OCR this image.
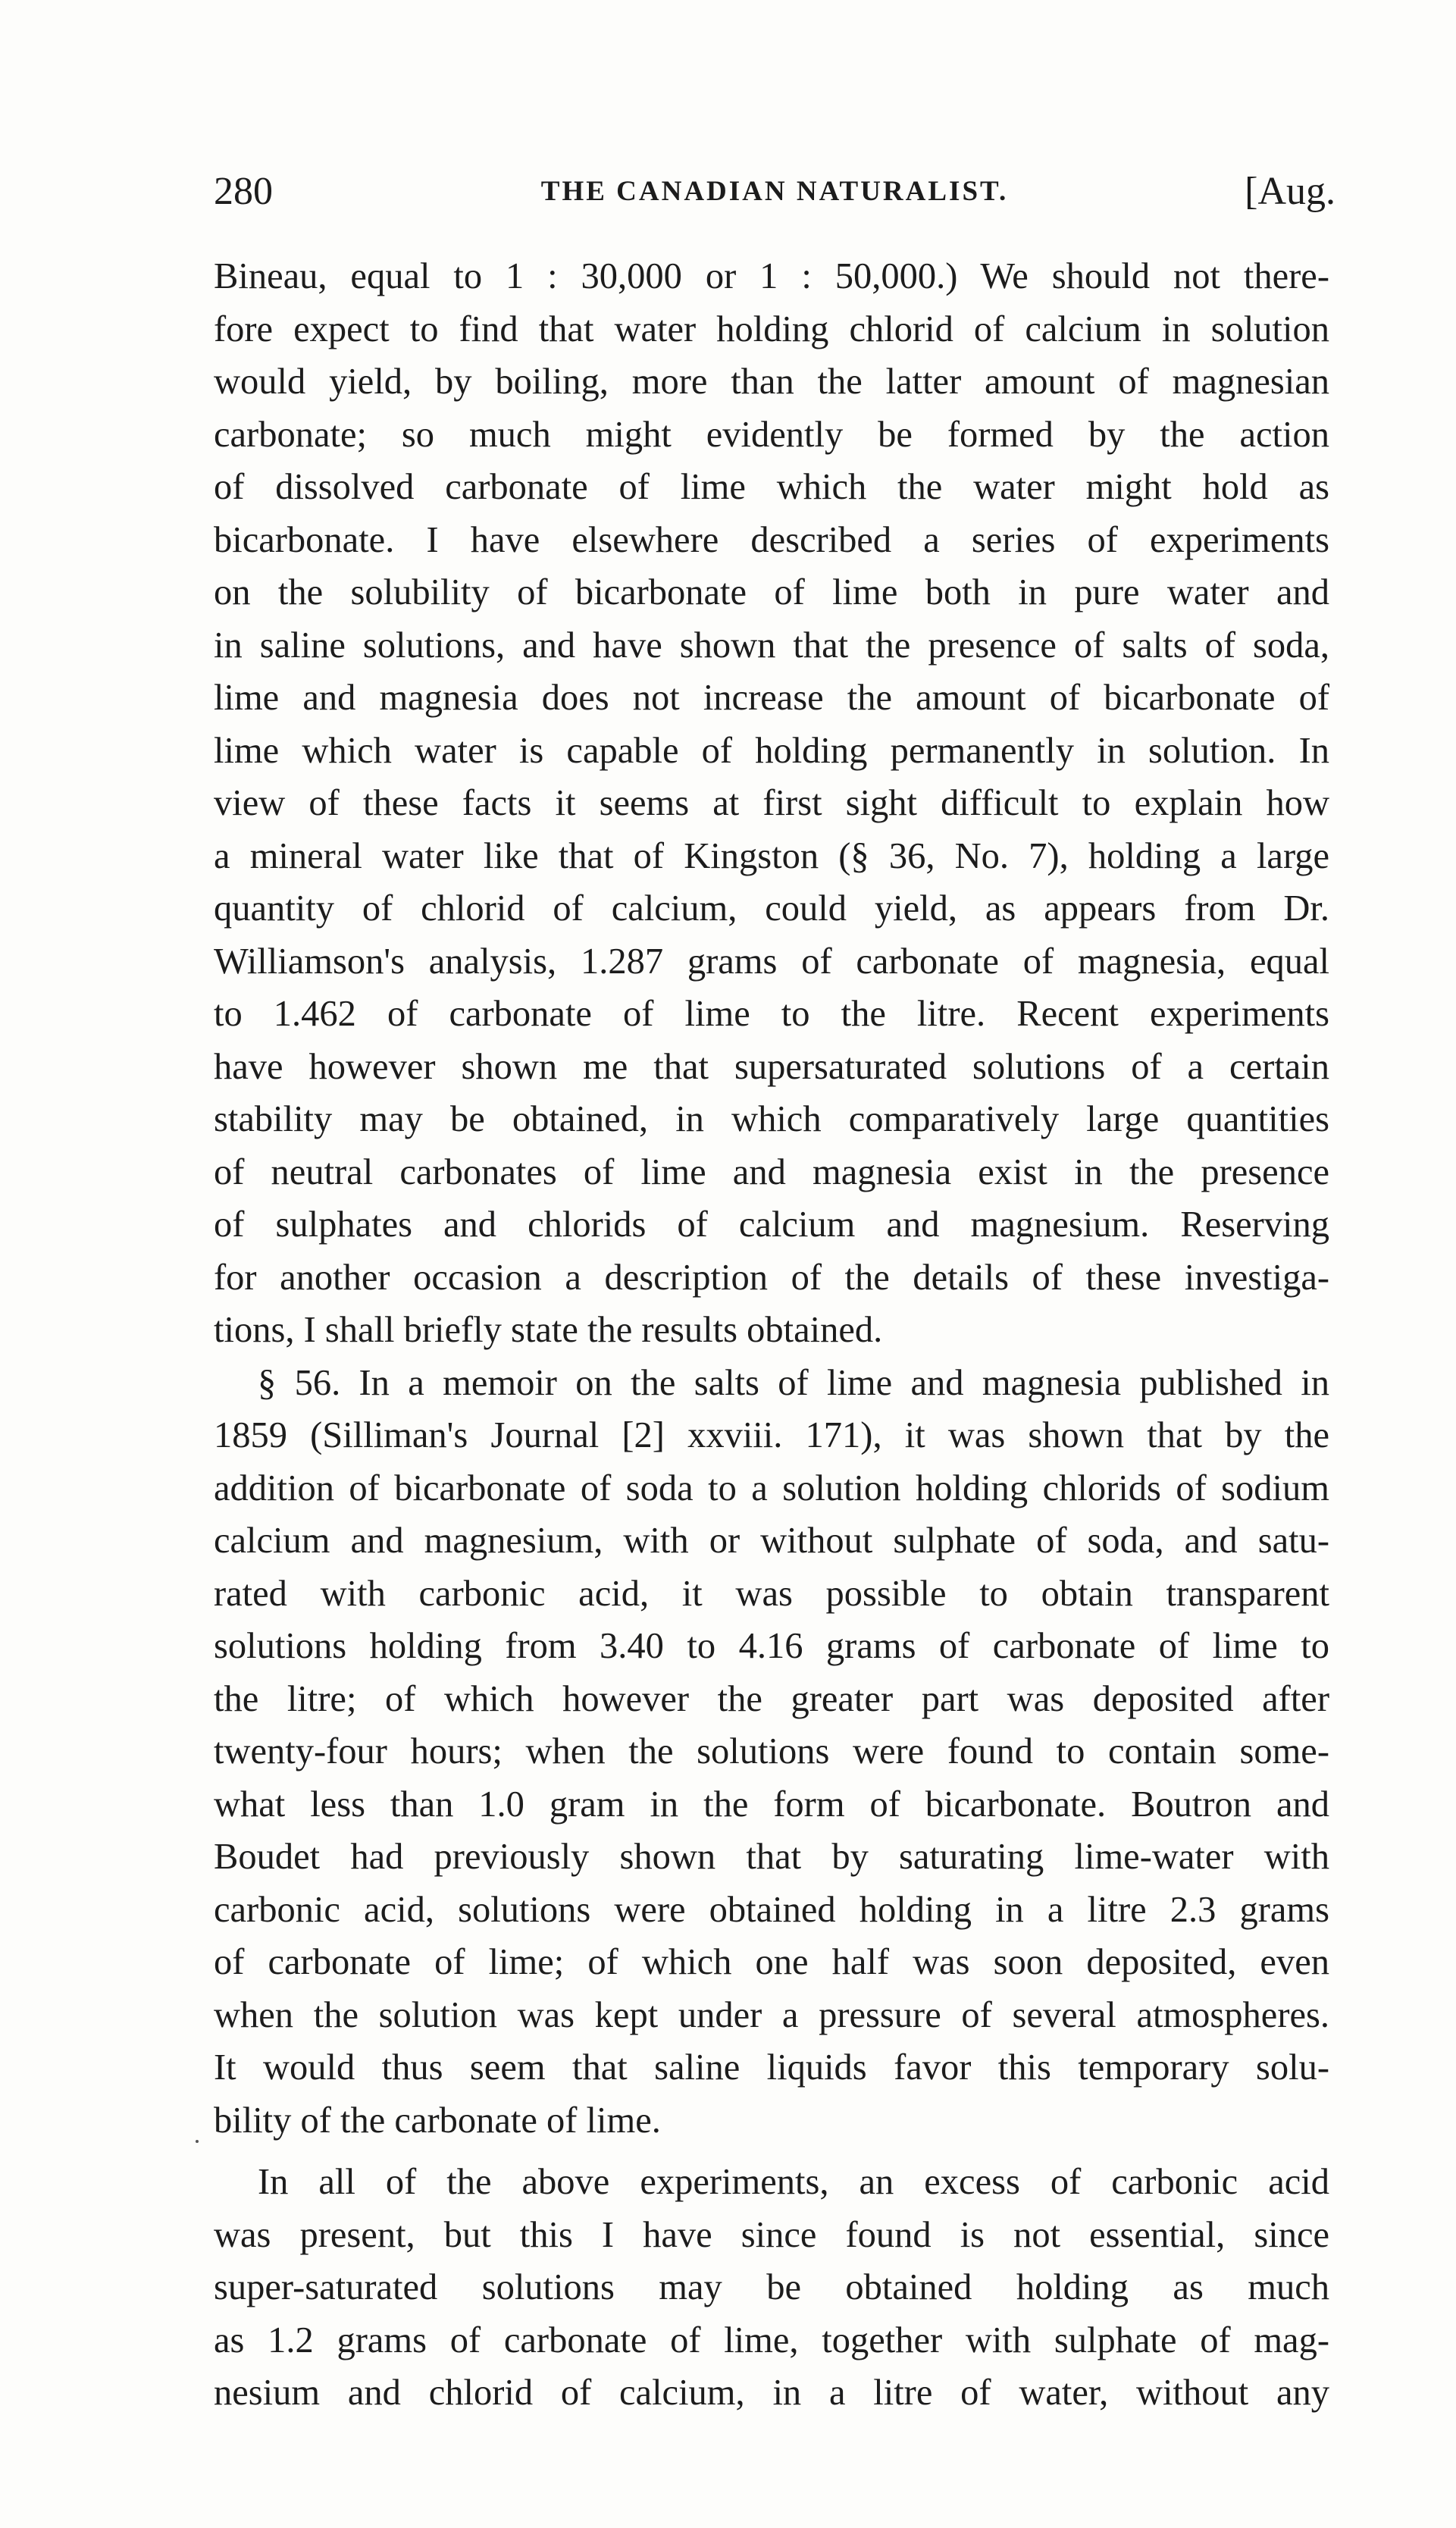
280	THE CANADIAN NATURALIST.	[Aug.
Bineau, equal to 1 : 30,000 or 1 : 50,000.) We should not there-
fore expect to find that water holding chlorid of calcium in solution
would yield, by boiling, more than the latter amount of magnesian
carbonate; so much might evidently be formed by the action
of dissolved carbonate of lime which the water might hold as
bicarbonate. I have elsewhere described a series of experiments
on the solubility of bicarbonate of lime both in pure water and
in saline solutions, and have shown that the presence of salts of soda,
lime and magnesia does not increase the amount of bicarbonate of
lime which water is capable of holding permanently in solution. In
view of these facts it seems at first sight difficult to explain how
a mineral water like that of Kingston (§ 36, No. 7), holding a large
quantity of chlorid of calcium, could yield, as appears from Dr.
Williamson's analysis, 1.287 grams of carbonate of magnesia, equal
to 1.462 of carbonate of lime to the litre. Recent experiments
have however shown me that supersaturated solutions of a certain
stability may be obtained, in which comparatively large quantities
of neutral carbonates of lime and magnesia exist in the presence
of sulphates and chlorids of calcium and magnesium. Reserving
for another occasion a description of the details of these investiga-
tions, I shall briefly state the results obtained.
§ 56. In a memoir on the salts of lime and magnesia published in
1859 (Silliman's Journal [2] xxviii. 171), it was shown that by the
addition of bicarbonate of soda to a solution holding chlorids of sodium
calcium and magnesium, with or without sulphate of soda, and satu-
rated with carbonic acid, it was possible to obtain transparent
solutions holding from 3.40 to 4.16 grams of carbonate of lime to
the litre; of which however the greater part was deposited after
twenty-four hours; when the solutions were found to contain some-
what less than 1.0 gram in the form of bicarbonate. Boutron and
Boudet had previously shown that by saturating lime-water with
carbonic acid, solutions were obtained holding in a litre 2.3 grams
of carbonate of lime; of which one half was soon deposited, even
when the solution was kept under a pressure of several atmospheres.
It would thus seem that saline liquids favor this temporary solu-
bility of the carbonate of lime.
In all of the above experiments, an excess of carbonic acid
was present, but this I have since found is not essential, since
super-saturated solutions may be obtained holding as much
as 1.2 grams of carbonate of lime, together with sulphate of mag-
nesium and chlorid of calcium, in a litre of water, without any
